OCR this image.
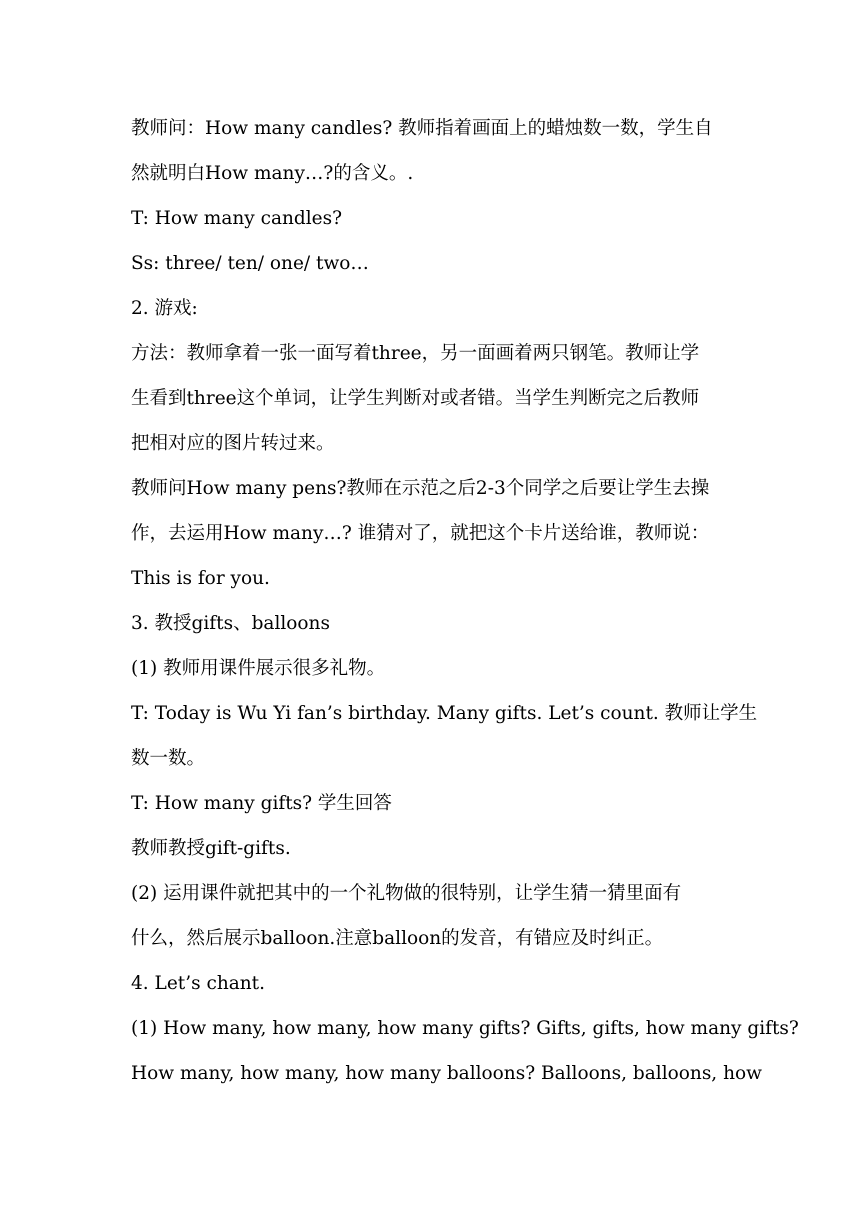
教师问：How many candles? 教师指着画面上的蜡烛数一数，学生自
然就明白How many…?的含义。.
T: How many candles?
Ss: three/ ten/ one/ two…
2. 游戏:
方法：教师拿着一张一面写着three，另一面画着两只钢笔。教师让学
生看到three这个单词，让学生判断对或者错。当学生判断完之后教师
把相对应的图片转过来。
教师问How many pens?教师在示范之后2-3个同学之后要让学生去操
作，去运用How many…? 谁猜对了，就把这个卡片送给谁，教师说：
This is for you.
3. 教授gifts、balloons
(1) 教师用课件展示很多礼物。
T: Today is Wu Yi fan’s birthday. Many gifts. Let’s count. 教师让学生
数一数。
T: How many gifts? 学生回答
教师教授gift-gifts.
(2) 运用课件就把其中的一个礼物做的很特别，让学生猜一猜里面有
什么，然后展示balloon.注意balloon的发音，有错应及时纠正。
4. Let’s chant.
(1) How many, how many, how many gifts? Gifts, gifts, how many gifts?
How many, how many, how many balloons? Balloons, balloons, how
